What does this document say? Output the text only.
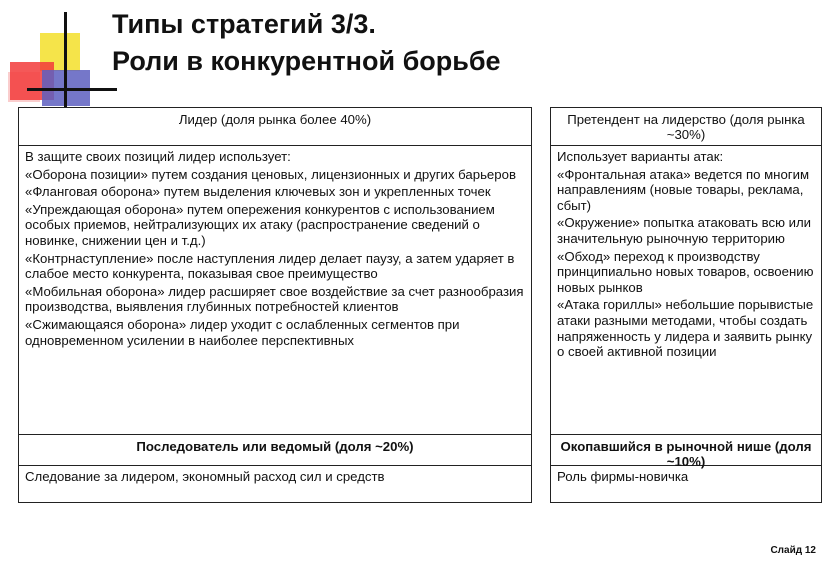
Типы стратегий 3/3.
Роли в конкурентной борьбе
Лидер (доля рынка более 40%)

В защите своих позиций лидер использует:

«Оборона позиции» путем создания ценовых, лицензионных и других барьеров

«Фланговая оборона» путем выделения ключевых зон и укрепленных точек

«Упреждающая оборона» путем опережения конкурентов с использованием особых приемов, нейтрализующих их атаку (распространение сведений о новинке, снижении цен и т.д.)

«Контрнаступление» после наступления лидер делает паузу, а затем ударяет в слабое место конкурента, показывая свое преимущество

«Мобильная оборона» лидер расширяет свое воздействие за счет разнообразия производства, выявления глубинных потребностей клиентов

«Сжимающаяся оборона» лидер уходит с ослабленных сегментов при одновременном усилении в наиболее перспективных

Последователь или ведомый (доля ~20%)

Следование за лидером, экономный расход сил и средств

Претендент на лидерство (доля рынка ~30%)

Использует варианты атак:

«Фронтальная атака» ведется по многим направлениям (новые товары, реклама, сбыт)

«Окружение» попытка атаковать всю или значительную рыночную территорию

«Обход» переход к производству принципиально новых товаров, освоению новых рынков

«Атака гориллы» небольшие порывистые атаки разными методами, чтобы создать напряженность у лидера и заявить рынку о своей активной позиции

Окопавшийся в рыночной нише (доля ~10%)

Роль фирмы-новичка

Слайд 12
